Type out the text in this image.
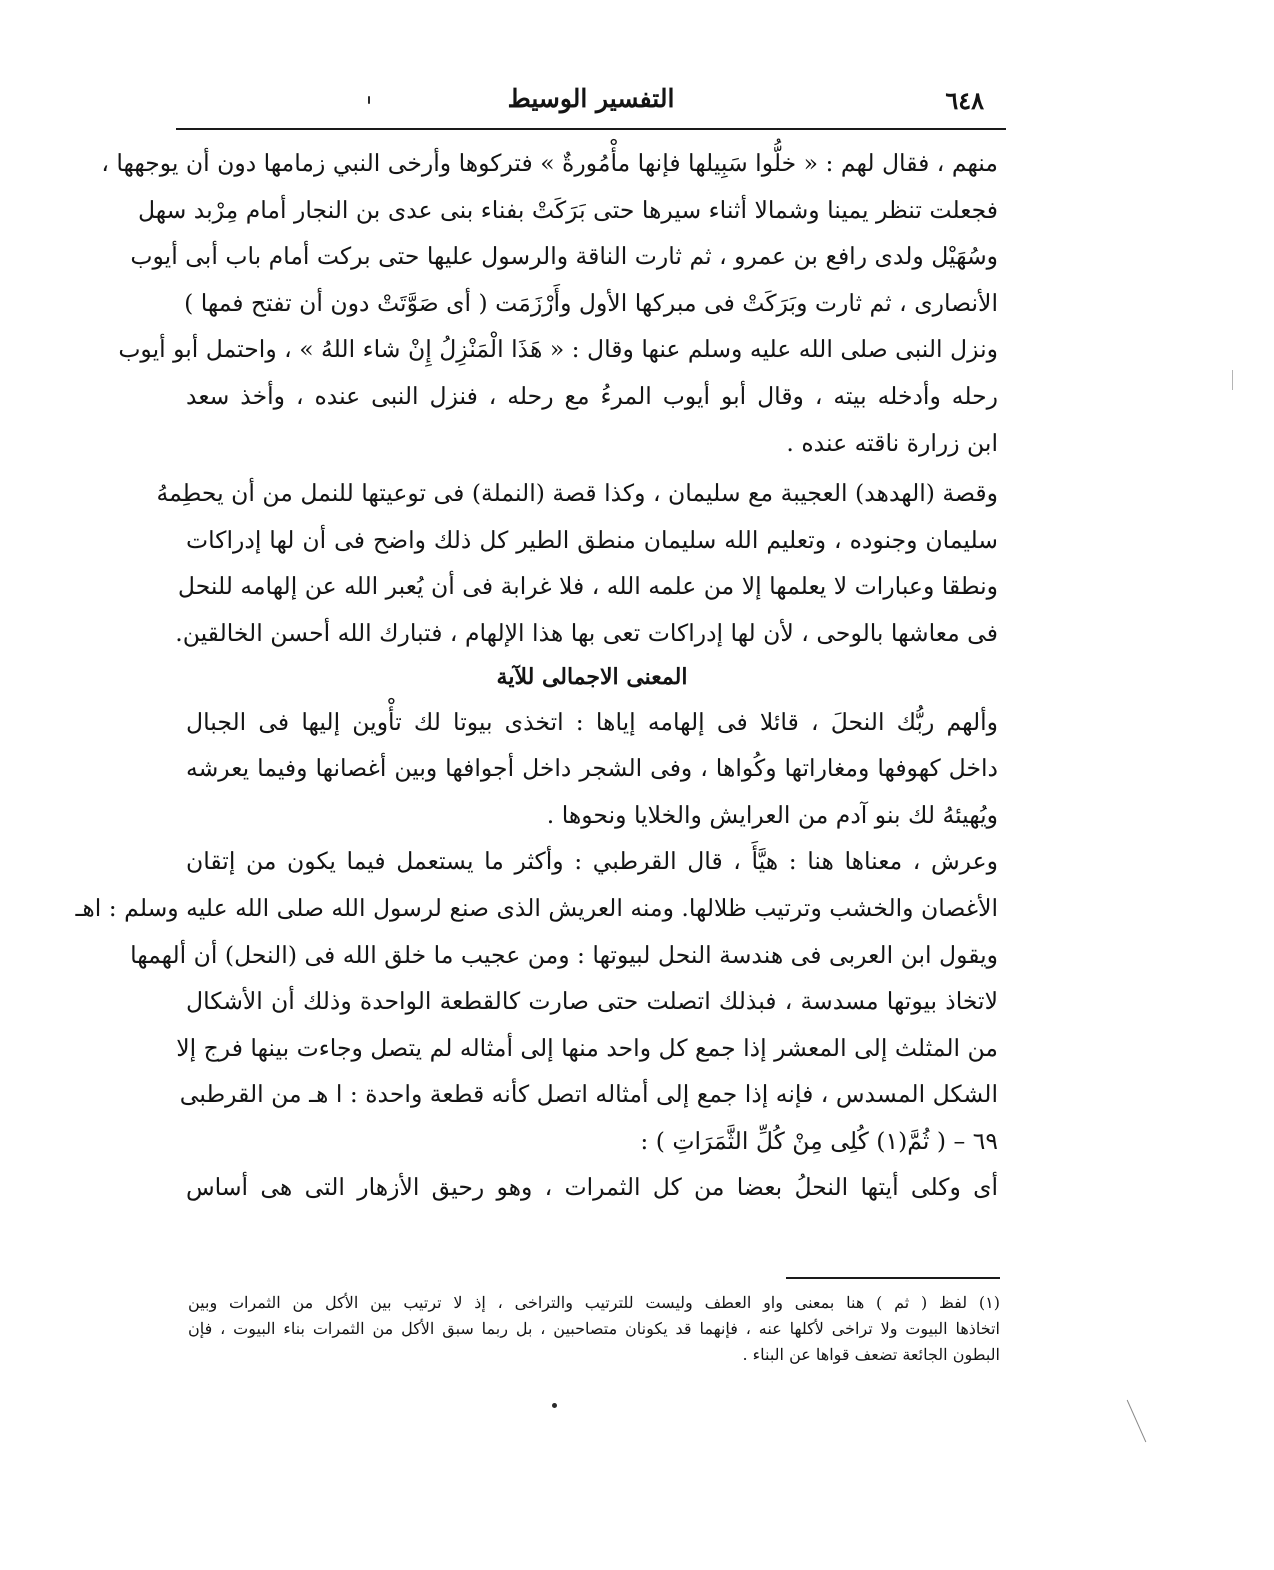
٦٤٨
التفسير الوسيط
منهم ، فقال لهم : « خلُّوا سَبِيلها فإنها مأْمُورةٌ » فتركوها وأرخى النبي زمامها دون أن يوجهها ،
فجعلت تنظر يمينا وشمالا أثناء سيرها حتى بَرَكَتْ بفناء بنى عدى بن النجار أمام مِرْبد سهل
وسُهَيْل ولدى رافع بن عمرو ، ثم ثارت الناقة والرسول عليها حتى بركت أمام باب أبى أيوب
الأنصارى ، ثم ثارت وبَرَكَتْ فى مبركها الأول وأَرْزَمَت ( أى صَوَّتَتْ دون أن تفتح فمها )
ونزل النبى صلى الله عليه وسلم عنها وقال : « هَذَا الْمَنْزِلُ إِنْ شاء اللهُ » ، واحتمل أبو أيوب
رحله وأدخله بيته ، وقال أبو أيوب المرءُ مع رحله ، فنزل النبى عنده ، وأخذ سعد
ابن زرارة ناقته عنده .
وقصة (الهدهد) العجيبة مع سليمان ، وكذا قصة (النملة) فى توعيتها للنمل من أن يحطِمهُ
سليمان وجنوده ، وتعليم الله سليمان منطق الطير كل ذلك واضح فى أن لها إدراكات
ونطقا وعبارات لا يعلمها إلا من علمه الله ، فلا غرابة فى أن يُعبر الله عن إلهامه للنحل
فى معاشها بالوحى ، لأن لها إدراكات تعى بها هذا الإلهام ، فتبارك الله أحسن الخالقين.
المعنى الاجمالى للآية
وألهم ربُّك النحلَ ، قائلا فى إلهامه إياها : اتخذى بيوتا لك تأْوين إليها فى الجبال
داخل كهوفها ومغاراتها وكُواها ، وفى الشجر داخل أجوافها وبين أغصانها وفيما يعرشه
ويُهيئهُ لك بنو آدم من العرايش والخلايا ونحوها .
وعرش ، معناها هنا : هيَّأَ ، قال القرطبي : وأكثر ما يستعمل فيما يكون من إتقان
الأغصان والخشب وترتيب ظلالها. ومنه العريش الذى صنع لرسول الله صلى الله عليه وسلم : اهـ
ويقول ابن العربى فى هندسة النحل لبيوتها : ومن عجيب ما خلق الله فى (النحل) أن ألهمها
لاتخاذ بيوتها مسدسة ، فبذلك اتصلت حتى صارت كالقطعة الواحدة وذلك أن الأشكال
من المثلث إلى المعشر إذا جمع كل واحد منها إلى أمثاله لم يتصل وجاءت بينها فرج إلا
الشكل المسدس ، فإنه إذا جمع إلى أمثاله اتصل كأنه قطعة واحدة : ا هـ من القرطبى
٦٩ – ( ثُمَّ(١) كُلِى مِنْ كُلِّ الثَّمَرَاتِ ) :
أى وكلى أيتها النحلُ بعضا من كل الثمرات ، وهو رحيق الأزهار التى هى أساس
(١) لفظ ( ثم ) هنا بمعنى واو العطف وليست للترتيب والتراخى ، إذ لا ترتيب بين الأكل من الثمرات وبين
اتخاذها البيوت ولا تراخى لأكلها عنه ، فإنهما قد يكونان متصاحبين ، بل ربما سبق الأكل من الثمرات بناء البيوت ، فإن
البطون الجائعة تضعف قواها عن البناء .
